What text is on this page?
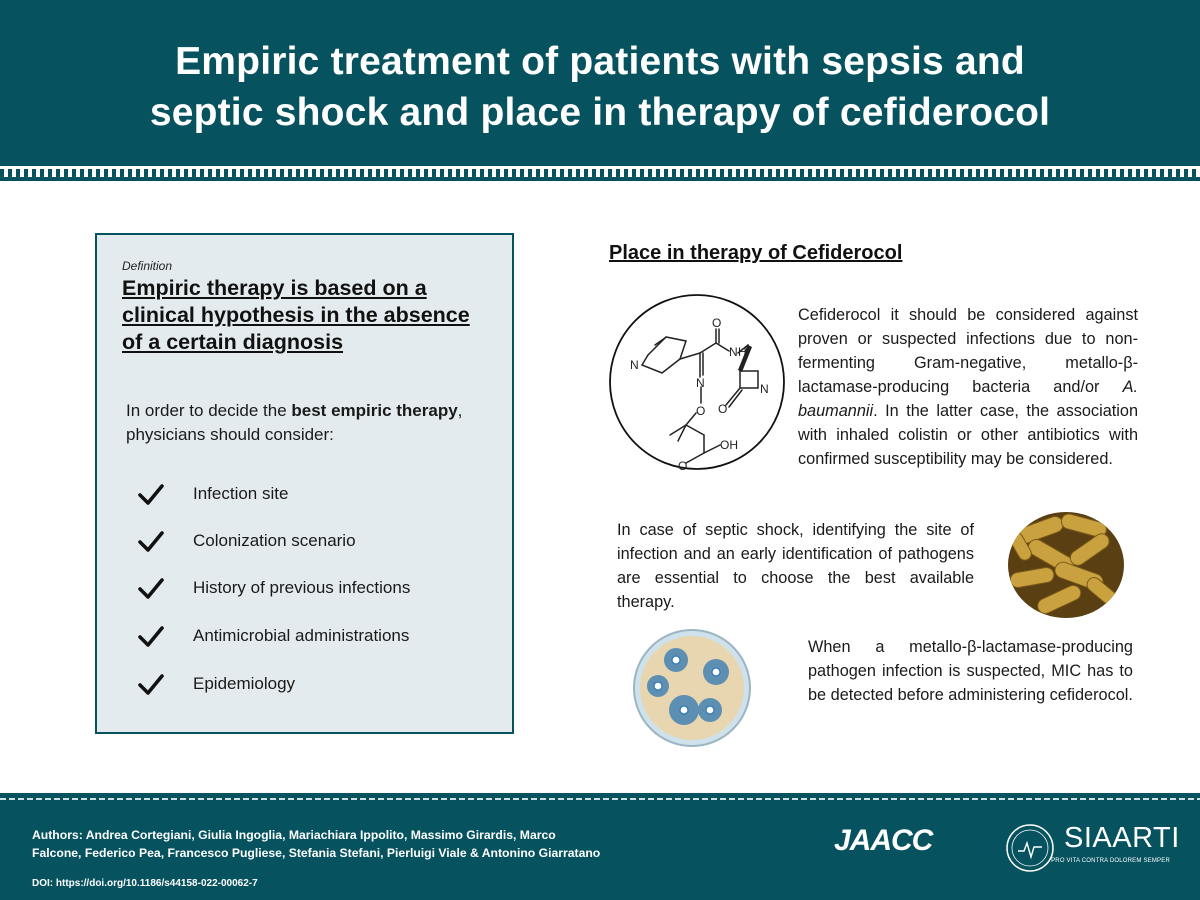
Empiric treatment of patients with sepsis and
septic shock and place in therapy of cefiderocol
Definition
Empiric therapy is based on a clinical hypothesis in the absence of a certain diagnosis

In order to decide the best empiric therapy, physicians should consider:

Infection site
Colonization scenario
History of previous infections
Antimicrobial administrations
Epidemiology
Place in therapy of Cefiderocol
O
N H
N
N
O
N
O
O
OH

Cefiderocol it should be considered against proven or suspected infections due to non-fermenting Gram-negative, metallo-β-lactamase-producing bacteria and/or A. baumannii. In the latter case, the association with inhaled colistin or other antibiotics with confirmed susceptibility may be considered.

In case of septic shock, identifying the site of infection and an early identification of pathogens are essential to choose the best available therapy.

When a metallo-β-lactamase-producing pathogen infection is suspected, MIC has to be detected before administering cefiderocol.

Authors: Andrea Cortegiani, Giulia Ingoglia, Mariachiara Ippolito, Massimo Girardis, Marco
Falcone, Federico Pea, Francesco Pugliese, Stefania Stefani, Pierluigi Viale & Antonino Giarratano

DOI: https://doi.org/10.1186/s44158-022-00062-7

JAACC	SIAARTI
PRO VITA CONTRA DOLOREM SEMPER
